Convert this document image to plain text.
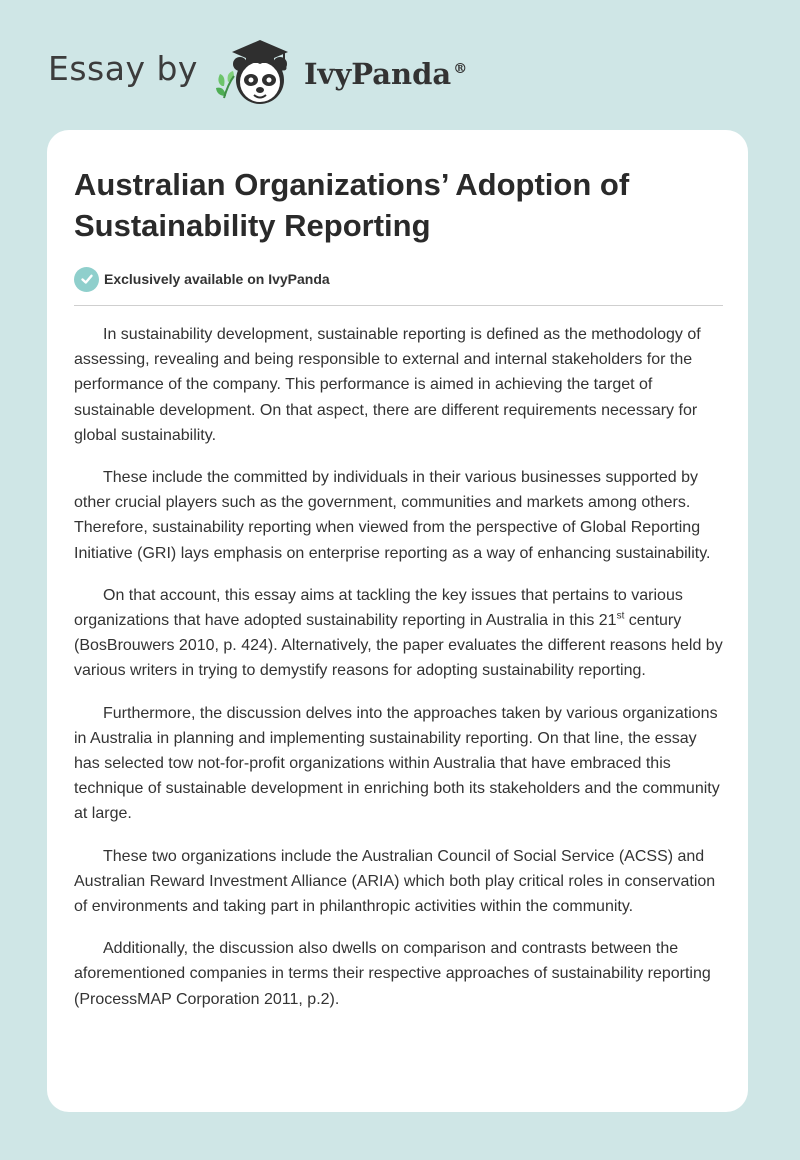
Essay by	IvyPanda ®
Australian Organizations’ Adoption of Sustainability Reporting
Exclusively available on IvyPanda

In sustainability development, sustainable reporting is defined as the methodology of assessing, revealing and being responsible to external and internal stakeholders for the performance of the company. This performance is aimed in achieving the target of sustainable development. On that aspect, there are different requirements necessary for global sustainability.

These include the committed by individuals in their various businesses supported by other crucial players such as the government, communities and markets among others. Therefore, sustainability reporting when viewed from the perspective of Global Reporting Initiative (GRI) lays emphasis on enterprise reporting as a way of enhancing sustainability.

On that account, this essay aims at tackling the key issues that pertains to various organizations that have adopted sustainability reporting in Australia in this 21st century (BosBrouwers 2010, p. 424). Alternatively, the paper evaluates the different reasons held by various writers in trying to demystify reasons for adopting sustainability reporting.

Furthermore, the discussion delves into the approaches taken by various organizations in Australia in planning and implementing sustainability reporting. On that line, the essay has selected tow not-for-profit organizations within Australia that have embraced this technique of sustainable development in enriching both its stakeholders and the community at large.

These two organizations include the Australian Council of Social Service (ACSS) and Australian Reward Investment Alliance (ARIA) which both play critical roles in conservation of environments and taking part in philanthropic activities within the community.

Additionally, the discussion also dwells on comparison and contrasts between the aforementioned companies in terms their respective approaches of sustainability reporting (ProcessMAP Corporation 2011, p.2).
